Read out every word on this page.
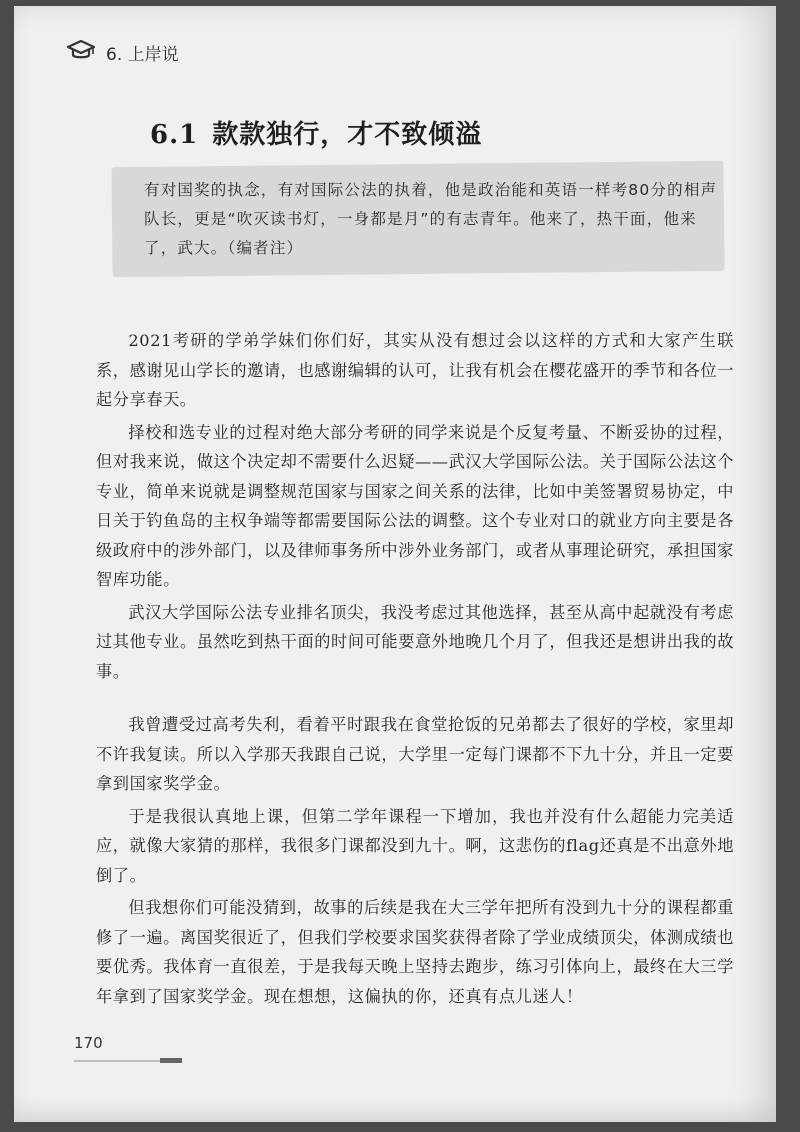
6. 上岸说
6.1 款款独行，才不致倾溢
有对国奖的执念，有对国际公法的执着，他是政治能和英语一样考80分的相声队长，更是“吹灭读书灯，一身都是月”的有志青年。他来了，热干面，他来了，武大。（编者注）

2021考研的学弟学妹们你们好，其实从没有想过会以这样的方式和大家产生联系，感谢见山学长的邀请，也感谢编辑的认可，让我有机会在樱花盛开的季节和各位一起分享春天。

择校和选专业的过程对绝大部分考研的同学来说是个反复考量、不断妥协的过程，但对我来说，做这个决定却不需要什么迟疑——武汉大学国际公法。关于国际公法这个专业，简单来说就是调整规范国家与国家之间关系的法律，比如中美签署贸易协定，中日关于钓鱼岛的主权争端等都需要国际公法的调整。这个专业对口的就业方向主要是各级政府中的涉外部门，以及律师事务所中涉外业务部门，或者从事理论研究，承担国家智库功能。

武汉大学国际公法专业排名顶尖，我没考虑过其他选择，甚至从高中起就没有考虑过其他专业。虽然吃到热干面的时间可能要意外地晚几个月了，但我还是想讲出我的故事。

我曾遭受过高考失利，看着平时跟我在食堂抢饭的兄弟都去了很好的学校，家里却不许我复读。所以入学那天我跟自己说，大学里一定每门课都不下九十分，并且一定要拿到国家奖学金。

于是我很认真地上课，但第二学年课程一下增加，我也并没有什么超能力完美适应，就像大家猜的那样，我很多门课都没到九十。啊，这悲伤的flag还真是不出意外地倒了。

但我想你们可能没猜到，故事的后续是我在大三学年把所有没到九十分的课程都重修了一遍。离国奖很近了，但我们学校要求国奖获得者除了学业成绩顶尖，体测成绩也要优秀。我体育一直很差，于是我每天晚上坚持去跑步，练习引体向上，最终在大三学年拿到了国家奖学金。现在想想，这偏执的你，还真有点儿迷人！

170
